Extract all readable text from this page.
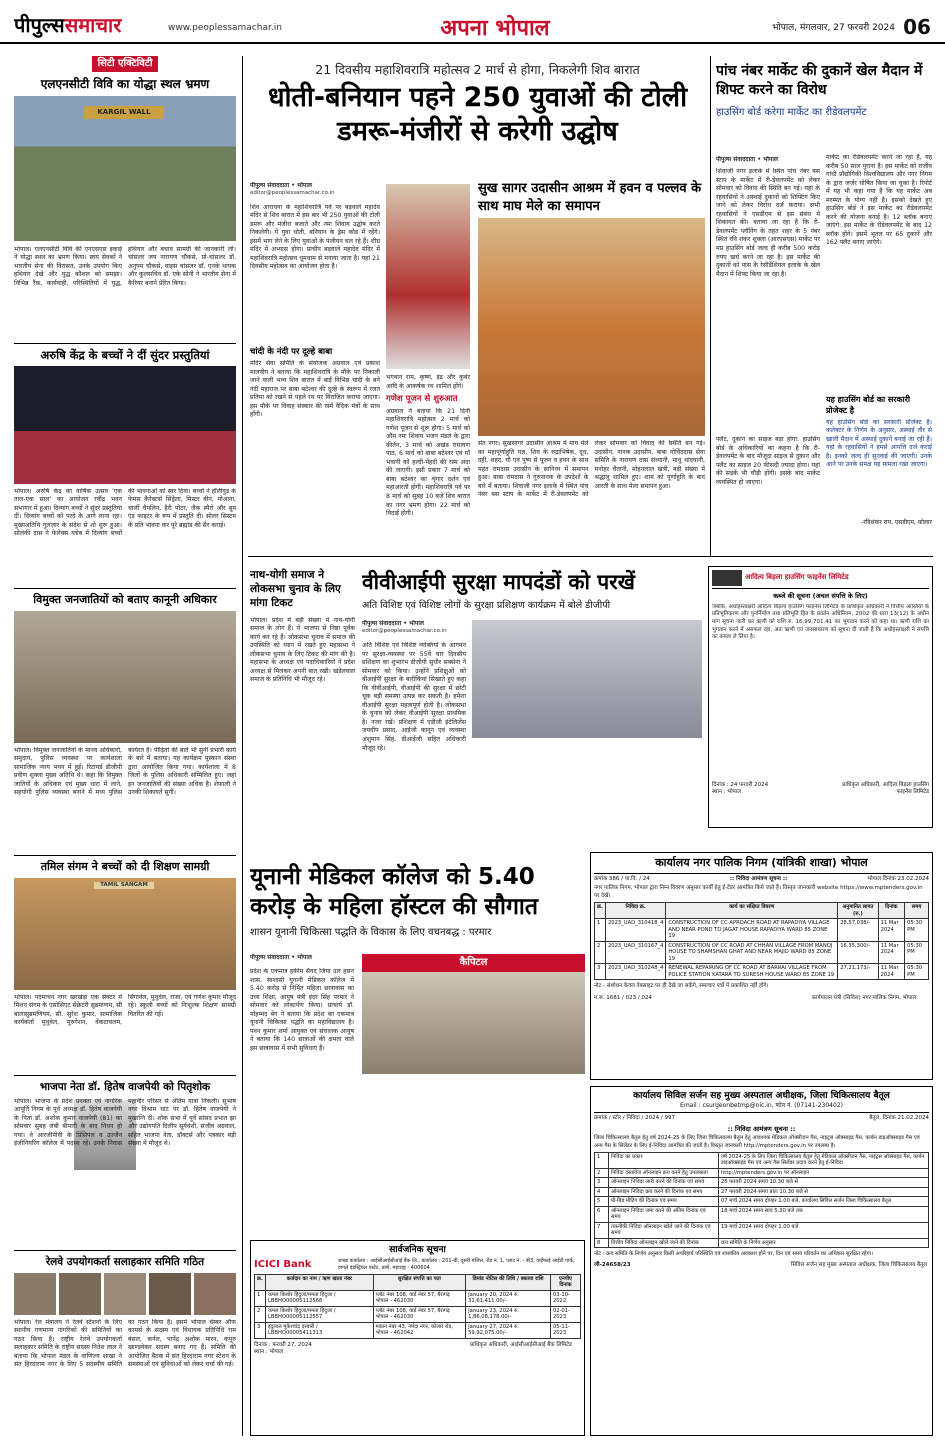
पीपुल्ससमाचार	www.peoplessamachar.in	अपना भोपाल	भोपाल, मंगलवार, 27 फरवरी 2024 06
सिटी एक्टिविटी
एलएनसीटी विवि का योद्धा स्थल भ्रमण
KARGIL WALL
भोपाल। एलएनसीटी विवि की एनएसएस इकाई ने योद्धा स्थल का भ्रमण किया। स्वयं सेवकों ने भारतीय सेना की विरासत, उनके उपयोग किए हथियार देखे और युद्ध कौशल को समझा। विभिन्न रैंक, कार्यवाही, परिस्थितियों में युद्ध, हथियार और बचाव सामग्री की जानकारी ली। चांसलर जय नारायण चौकसे, प्रो-चांसलर डॉ. अनुपम चौकसे, वाइस चांसलर डॉ. एनके थापक और कुलसचिव डॉ. एके सोनी ने भारतीय सेना में कैरियर बनाने प्रेरित किया।
अरुषि केंद्र के बच्चों ने दीं सुंदर प्रस्तुतियां
भोपाल। अरुषि केंद्र का वार्षिक उत्सव 'एक ताल-एक साल' का आयोजन रवींद्र भवन सभागार में हुआ। दिव्यांग बच्चों ने सुंदर प्रस्तुतियां दीं। दिव्यांग बच्चों को परदे के आगे लाना रहा। मुख्यअतिथि गुलज़ार के संदेश से शो शुरू हुआ। सोलंकी दास ने फेलेक्स ग्लोब में दिव्यांग बच्चों की भावनाओं को स्वर दिया। बच्चों ने हॉलीवुड के फेमस कैरेक्टर्स सिंड्रेला, मिस्टर बीन, मोआना, चार्ली चैपलिन, हैरी पोटर, जैक स्पैरो और बूम एंड फाइटर के रूप में प्रस्तुति दी। सोलर सिस्टम के प्रति भावना कर पूरे ब्रह्मांड की सैर कराई।
विमुक्त जनजातियों को बताए कानूनी अधिकार
भोपाल। विमुक्त जनजातियों के मानव अधिकारों, समुदाय, पुलिस व्यवस्था पर कार्यशाला सामाजिक न्याय भवन में हुई। रिटायर्ड डीजीपी प्रवीण शुक्ला मुख्य अतिथि थे। कहा कि विमुक्त जातियों के अधिकार एवं मुख्य धारा में लाने, सहयोगी पुलिस व्यवस्था बनाने में मध्य पुलिस कार्यरत है। पीड़ितों की बातें भी सुनीं प्रभारी कार्य के बारे में बताया। यह कार्यक्रम मुस्कान संस्था द्वारा आयोजित किया गया। कार्यशाला में 8 जिलों के पुलिस अधिकारी सम्मिलित हुए। जहां इन जनजातियों की संख्या अधिक है। शेफाली ने उनकी शिकायतें सुनीं।
तमिल संगम ने बच्चों को दी शिक्षण सामग्री
TAMIL SANGAM
भोपाल। पदमाचन नगर खरखेड़ा एक सेक्टर में मिशन संगम के एसोसिएट सेक्रेटरी सुब्रमण्यम, सी बालासुब्रमणियम, सी. सुरेश कुमार, सामाजिक कार्यकर्ता मुथुवेल, मुरुगेशन, वेंकटाचलम, सिंगावेल, मुथुवेल, राजा, एवं गणेश कुमार मौजूद रहे। स्कूली बच्चों को निःशुल्क शिक्षण सामग्री वितरित की गई।
भाजपा नेता डॉ. हितेष वाजपेयी को पितृशोक
भोपाल। भाजपा के प्रदेश प्रवक्ता एवं नागरिक आपूर्ति निगम के पूर्व अध्यक्ष डॉ. हितेष वाजपेयी के पिता डॉ. अशोक कुमार वाजपेयी (81) का सोमवार सुबह लंबी बीमारी के बाद निधन हो गया। वे आरजीपीवी के प्रिंसिपल व उज्जैन इंजीनियरिंग कॉलेज में पदस्थ रहे। उनके निवास महावीर परिसर से अंतिम यात्रा निकली। सुभाष नगर विश्राम घाट पर डॉ. हितेष वाजपेयी ने मुखाग्नि दी। शोक सभा में पूर्व सांसद प्रभात झा और उद्योगपति दिलीप सूर्यवंशी, संजीव अग्रवाल, सहित भाजपा नेता, डॉक्टर्स और पत्रकार बड़ी संख्या में मौजूद थे।
रेलवे उपयोगकर्ता सलाहकार समिति गठित
भोपाल। रेल मंत्रालय ने रेलवे स्टेशनों के लिए स्थानीय गणमान्य नागरिकों की समितियों का गठन किया है। राष्ट्रीय रेलवे उपयोगकर्ता सलाहकार समिति के राष्ट्रीय सदस्य नितेश लाल ने बताया कि भोपाल मंडल के वाणिज्य शाखा ने संत हिरदाराम नगर के लिए 5 सदस्यीय समिति का गठन किया है। इसमें भोपाल चेम्बर ऑफ कामर्स के सदस्य एवं विधायक प्रतिनिधि राम बंसल, कर्नल, पापेंद्र अशोक मारन, कपूरु खाण्डवेकर सदस्य बनाए गए हैं। समिति की आयोजित बैठक में संत हिरदाराम नगर स्टेशन के समस्याओं एवं सुविधाओं को लेकर चर्चा की गई।
21 दिवसीय महाशिवरात्रि महोत्सव 2 मार्च से होगा, निकलेगी शिव बारात
धोती-बनियान पहने 250 युवाओं की टोली डमरू-मंजीरों से करेगी उद्घोष
पीपुल्स संवाददाता • भोपाल
editor@peoplessamachar.co.in
शिव आराधना के महाशिवरात्रि पर्व पर बड़वाले महादेव मंदिर से शिव बारात में इस बार भी 250 युवाओं की टोली डमरू और मंजीरा बजाते और नमः शिवाय उद्घोष करते निकलेगी। ये युवा धोती, बनियान के ड्रेस कोड में रहेंगे। इसमें भाग लेने के लिए युवाओं के पंजीयन चल रहे हैं। शीघ्र मंदिर में अभ्यास होगा। प्राचीन बड़वाले महादेव मंदिर में महाशिवरात्रि महोत्सव धूमधाम से मनाया जाता है। यहां 21 दिवसीय महोत्सव का आयोजन होता है।
चांदी के नंदी पर दूल्हे बाबा
मंदिर सेवा समिति के संयोजक अग्रवाल एवं प्रकाश मालवीय ने बताया कि महाशिवरात्रि के मौके पर निकाली जाने वाली भव्य शिव बारात में बाईं विभिन्न चांदी के बने नंदी महाराज पर बाबा बटेश्वर की दूल्हे के स्वरूप में रजत प्रतिमा को रखने से पहले रथ पर विराजित कराया जाएगा। इस मौके पर विवाह संस्कार की रस्में वैदिक मंत्रों के साथ होंगी।
भगवान राम, कृष्ण, इंद्र और कुबेर आदि के आकर्षक रथ शामिल होंगे।
गणेश पूजन से शुरुआत
अग्रवाल ने बताया कि 21 दिनी महाशिवरात्रि महोत्सव 2 मार्च को गणेश पूजन से शुरू होगा। 5 मार्च को औम नमः शिवाय भजन मंडल के द्वारा कीर्तन, 3 मार्च को अखंड रामायण पाठ, 6 मार्च को बाबा बटेश्वर एवं माँ भवानी को हल्दी-मेंहदी की रस्म अदा की जाएगी। इसी प्रकार 7 मार्च को बाबा बटेश्वर का शृंगार दर्शन एवं महाआरती होगी। महाशिवरात्रि पर्व पर 8 मार्च को सुबह 10 बजे शिव बारात का नगर भ्रमण होगा। 22 मार्च को विदाई होगी।
सुख सागर उदासीन आश्रम में हवन व पल्लव के साथ माघ मेले का समापन
संत नगर। सुखसागर उदासीन आश्रम में माघ मेले का महापूर्णाहुति यज्ञ, शिव के रुद्राभिषेक, दूध, दही, शहद, घी एवं पुष्प से पूजन व हवन के साथ महंत रामदास उदासीन के सानिध्य में समापन हुआ। बाबा रामदास ने गुरुनानक के उपदेशों के बारे में बताया। शिवाजी नगर इलाके में स्थित पांच नंबर बस स्टाप के मार्केट में री-डेवलपमेंट को लेकर सोमवार को विवाद की स्थिति बन गई। उदासीन, नानक उदासीन, बाबा गोविंददास सेवा समिति के नारायण दास संध्यानी, माधु थांदवानी, मनोहर चैतानी, मोहनलाल खत्री, बड़ी संख्या में श्रद्धालु शामिल हुए। शाम को पूर्णाहुति के बाद आरती के साथ मेला समापन हुआ।
पांच नंबर मार्केट की दुकानें खेल मैदान में शिफ्ट करने का विरोध
हाउसिंग बोर्ड करेगा मार्केट का रीडेवलपमेंट
पीपुल्स संवाददाता • भोपाल
शिवाजी नगर इलाके में स्थित पांच नंबर बस स्टाप के मार्केट में री-डेवलपमेंट को लेकर सोमवार को विवाद की स्थिति बन गई। यहां के रहवासियों ने अस्थाई दुकानों को शिफ्टिंग किए जाने को लेकर विरोध दर्ज कराया। सभी रहवासियों ने एसडीएम से इस संबंध में शिकायत की। बताया जा रहा है कि री-डेवलपमेंट प्लॉनिंग के तहत शहर के 5 नंबर स्थित रवि शंकर शुक्ला (आरएसएस) मार्केट पर मप्र हाउसिंग बोर्ड जल्द ही करीब 500 करोड़ रुपए खर्च करने जा रहा है। इस मार्केट की दुकानों को पास के रेसीडेंशियल इलाके के खेल मैदान में शिफ्ट किया जा रहा है।
फ्लैट, दुकान का साइज बड़ा होगा: हाउसिंग बोर्ड के अधिकारियों का कहना है कि री-डेवलपमेंट के बाद मौजूदा साइज से दुकान और फ्लैट का साइज 20 फीसदी ज्यादा होगा। यहां की सड़कें भी चौड़ी होंगी। इसके बाद मार्केट व्यवस्थित हो जाएगा।
मार्केट का रीडेवलपमेंट करने जा रहा है, यह करीब 50 साल पुराना है। इस मार्केट को राजीव गांधी प्रौद्योगिकी विश्वविद्यालय और नगर निगम के द्वारा जर्जर घोषित किया जा चुका है। रिपोर्ट में यह भी कहा गया है कि यह मार्केट अब मरम्मत के योग्य नहीं है। इसको देखते हुए हाउसिंग बोर्ड ने इस मार्केट का रीडेवलपमेंट करने की योजना बनाई है। 12 ब्लॉक बनाए जाएंगे: इस मार्केट के रीडेवलपमेंट के बाद 12 ब्लॉक होंगे। इसमें भूतल पर 65 दुकानें और 162 फ्लैट बनाए जाएंगे।
यह हाउसिंग बोर्ड का सरकारी प्रोजेक्ट है
यह हाउसिंग बोर्ड का सरकारी प्रोजेक्ट है। कलेक्टर के निर्णय के अनुसार, अस्थाई तौर से खाली मैदान में अस्थाई दुकानें बनाई जा रही हैं। यहां के रहवासियों ने हमसे आपत्ति दर्ज कराई है। इनको जल्द ही सुनवाई की जाएगी। उनके आने पर उनके समक्ष यह मामला रखा जाएगा।
-रविशंकर राय, एसडीएम, कोलार
नाथ-योगी समाज ने लोकसभा चुनाव के लिए मांगा टिकट
भोपाल। प्रदेश में बड़ी संख्या में नाथ-योगी समाज के लोग हैं। ये भाजपा से निष्ठा पूर्वक कार्य कर रहे हैं। लोकसभा चुनाव में समाज की उपस्थिति को ध्यान में रखते हुए महासभा ने लोकसभा चुनाव के लिए टिकट की मांग की है। महासभा के अध्यक्ष एवं पदाधिकारियों ने प्रदेश अध्यक्ष से मिलकर अपनी बात रखी। खंडेलवाल समाज के प्रतिनिधि भी मौजूद रहे।
वीवीआईपी सुरक्षा मापदंडों को परखें
अति विशिष्ट एवं विशिष्ट लोगों के सुरक्षा प्रशिक्षण कार्यक्रम में बोले डीजीपी
पीपुल्स संवाददाता • भोपाल
editor@peoplessamachar.co.in
अति विशिष्ट एवं विशिष्ट व्यक्तियों के आगमन पर सुरक्षा-व्यवस्था पर 55वें चार दिवसीय प्रशिक्षण का शुभारंभ डीजीपी सुधीर सक्सेना ने सोमवार को किया। उन्होंने प्रशिक्षुओं को वीआईपी सुरक्षा के बारीकियां सिखाते हुए कहा कि वीवीआईपी, वीआईपी की सुरक्षा में छोटी चूक बड़ी समस्या उत्पन्न कर सकती है। हमेशा वीआईपी सुरक्षा महत्वपूर्ण होती है। लोकसभा के चुनाव को लेकर वीआईपी सुरक्षा प्राथमिक है। नजर रखें। प्रशिक्षण में एडीजी इंटेलिजेंस जयदीप प्रसाद, आईजी कानून एवं व्यवस्था अंशुमान सिंह, डीआईजी सहित अधिकारी मौजूद रहे।
आदित्य बिड़ला हाउसिंग फाइनेंस लिमिटेड
कब्जे की सूचना (अचल संपत्ति के लिए)
जबकि, अधोहस्ताक्षरी आदित्य बिड़ला हाउसिंग फाइनेंस लिमिटेड के प्राधिकृत अधिकारी ने वित्तीय आस्तियों के प्रतिभूतिकरण और पुनर्निर्माण तथा प्रतिभूति हित के प्रवर्तन अधिनियम, 2002 की धारा 13(12) के अधीन मांग सूचना जारी कर ऋणी को राशि रु. 16,99,701.41 का भुगतान करने को कहा था। ऋणी राशि का भुगतान करने में असफल रहा, अतः ऋणी एवं जनसाधारण को सूचना दी जाती है कि अधोहस्ताक्षरी ने संपत्ति का कब्जा ले लिया है।
दिनांक : 24 फरवरी 2024
स्थान : भोपाल
प्राधिकृत अधिकारी, आदित्य बिड़ला हाउसिंग फाइनेंस लिमिटेड
यूनानी मेडिकल कॉलेज को 5.40 करोड़ के महिला हॉस्टल की सौगात
शासन यूनानी चिकित्सा पद्धति के विकास के लिए वचनबद्ध : परमार
पीपुल्स संवाददाता • भोपाल	कैपिटल
प्रदेश के एकमात्र हकीम सैयद जिया उल हसन शास. स्वशासी यूनानी मेडिकल कॉलेज में 5.40 करोड़ से निर्मित महिला छात्रावास का उच्च शिक्षा, आयुष मंत्री इंदर सिंह परमार ने सोमवार को लोकार्पण किया। प्राचार्य डॉ. मोहम्मद बेग ने बताया कि प्रदेश का एकमात्र यूनानी चिकित्सा पद्धति का महाविद्यालय है। पवन कुमार शर्मा आयुक्त एवं संचालक आयुष ने बताया कि 140 छात्राओं की क्षमता वाले इस छात्रावास में सभी सुविधाएं हैं।
कार्यालय नगर पालिक निगम (यांत्रिकी शाखा) भोपाल
क्रमांक 386 / या.वि. / 24	:: निविदा आमंत्रण सूचना ::	भोपाल दिनांक 23.02.2024
नगर पालिक निगम, भोपाल द्वारा निम्न विवरण अनुसार कार्यों हेतु ई-टेंडर आमंत्रित किये जाते हैं। विस्तृत जानकारी website https://www.mptenders.gov.in पर देखें।
क्र.	निविदा क्र.	कार्य का संक्षिप्त विवरण	अनुमानित लागत (रु.)	दिनांक	समय
1	2023_UAD_310418_4	CONSTRUCTION OF CC APROACH ROAD AT RAPADIYA VILLAGE AND NEAR POND TO JAGAT HOUSE RAPADIYA WARD 85 ZONE 19	28,57,038/-	11 Mar 2024	05:30 PM
2	2023_UAD_310167_4	CONSTRUCTION OF CC ROAD AT CHHAN VILLAGE FROM MANOJ HOUSE TO SHAMSHAN GHAT AND NEAR MAJID WARD 85 ZONE 19	16,35,300/-	11 Mar 2024	05:30 PM
3	2023_UAD_310248_4	RENEWAL REPAIRING OF CC ROAD AT BARRAI VILLAGE FROM POLICE STATION KATARA TO SURESH HOUSE WARD 85 ZONE 19	27,21,173/-	11 Mar 2024	05:30 PM
नोट - संशोधन केवल वेबसाइट पर ही देखे जा सकेंगे, समाचार पत्रों में प्रकाशित नहीं होंगे।
म.स. 1681 / 023 / 024	कार्यपालन यंत्री (सिविल) नगर पालिक निगम, भोपाल
सार्वजनिक सूचना
ICICI Bank	शाखा कार्यालय : आईसीआईसीआई बैंक लि., कार्यालय : 201-बी, दूसरी मंजिल, रोड नं. 1, प्लाट नं. - बी3, वाईफाई आईटी पार्क, वागले इंडस्ट्रियल एस्टेट, ठाणे, महाराष्ट्र - 400604
क्र.	कर्जदार का नाम / ऋण खाता नंबर	सुरक्षित संपत्ति का पता	डिमांड नोटिस की तिथि / बकाया राशि	एनपीए दिनांक
1	कमल किशोर हिंदुजा/ममता हिंदुजा / LBBHO00005112568	प्लॉट नंबर 108, वार्ड नंबर 57, बैरागढ़ भोपाल - 462030	January 20, 2024 रु. 31,61,411.00/-	03-10-2022
2	कमल किशोर हिंदुजा/ममता हिंदुजा / LBBHO00005112557	प्लॉट नंबर 108, वार्ड नंबर 57, बैरागढ़ भोपाल - 462030	January 23, 2024 रु. 1,86,08,178.00/-	02-01-2023
3	इंदुलाल मुकेशचंद्र दरबारी / LBBHO00005411313	मकान नंबर 43, नर्मदा नगर, कोलार रोड, भोपाल - 462042	January 27, 2024 रु. 59,92,075.00/-	05-11-2023
दिनांक : फरवरी 27, 2024
स्थान : भोपाल
प्राधिकृत अधिकारी, आईसीआईसीआई बैंक लिमिटेड
कार्यालय सिविल सर्जन सह मुख्य अस्पताल अधीक्षक, जिला चिकित्सालय बैतूल
Email : csurgeonbetmp@nic.in, फोन नं. (07141-230402)
क्रमांक / स्टोर / निविदा / 2024 / 997	बैतूल, दिनांक 21.02.2024
:: निविदा आमंत्रण सूचना ::
जिला चिकित्सालय बैतूल हेतु वर्ष 2024-25 के लिए जिला चिकित्सालय बैतूल हेतु आवश्यक मेडिकल ऑक्सीजन गैस, नाइट्रस ऑक्साइड गैस, कार्बन डाइऑक्साइड गैस एवं अन्य गैस के सिलेंडर के लिए ई-निविदा आमंत्रित की जाती है। विस्तृत जानकारी http://mptenders.gov.in पर उपलब्ध है।
1	निविदा का प्रकार	वर्ष 2024-25 के लिए जिला चिकित्सालय बैतूल हेतु मेडिकल ऑक्सीजन गैस, नाइट्रस ऑक्साइड गैस, कार्बन डाइऑक्साइड गैस एवं अन्य गैस सिलेंडर प्रदाय करने हेतु ई-निविदा
2	निविदा दस्तावेज ऑनलाइन क्रय करने हेतु उपलब्धता	http://mptenders.gov.in पर ऑनलाइन
3	ऑनलाइन निविदा जारी करने की दिनांक एवं समय	26 फरवरी 2024 समय 10.30 बजे से
4	ऑनलाइन निविदा क्रय करने की दिनांक एवं समय	27 फरवरी 2024 समय प्रातः 10.30 बजे से
5	प्री-बिड मीटिंग की दिनांक एवं समय	07 मार्च 2024 समय दोपहर 1.00 बजे, कार्यालय सिविल सर्जन जिला चिकित्सालय बैतूल
6	ऑनलाइन निविदा जमा करने की अंतिम दिनांक एवं समय	18 मार्च 2024 समय सायं 5.30 बजे तक
7	तकनीकी निविदा ऑनलाइन खोले जाने की दिनांक एवं समय	19 मार्च 2024 समय दोपहर 1.00 बजे
8	वित्तीय निविदा ऑनलाइन खोले जाने की दिनांक	क्रय समिति के निर्णय अनुसार
नोट : क्रय समिति के निर्णय अनुसार किसी अपरिहार्य परिस्थिति एवं शासकीय अवकाश होने पर, दिन एवं समय परिवर्तन का अधिकार सुरक्षित रहेगा।
जी-24658/23	सिविल सर्जन सह मुख्य अस्पताल अधीक्षक, जिला चिकित्सालय बैतूल
